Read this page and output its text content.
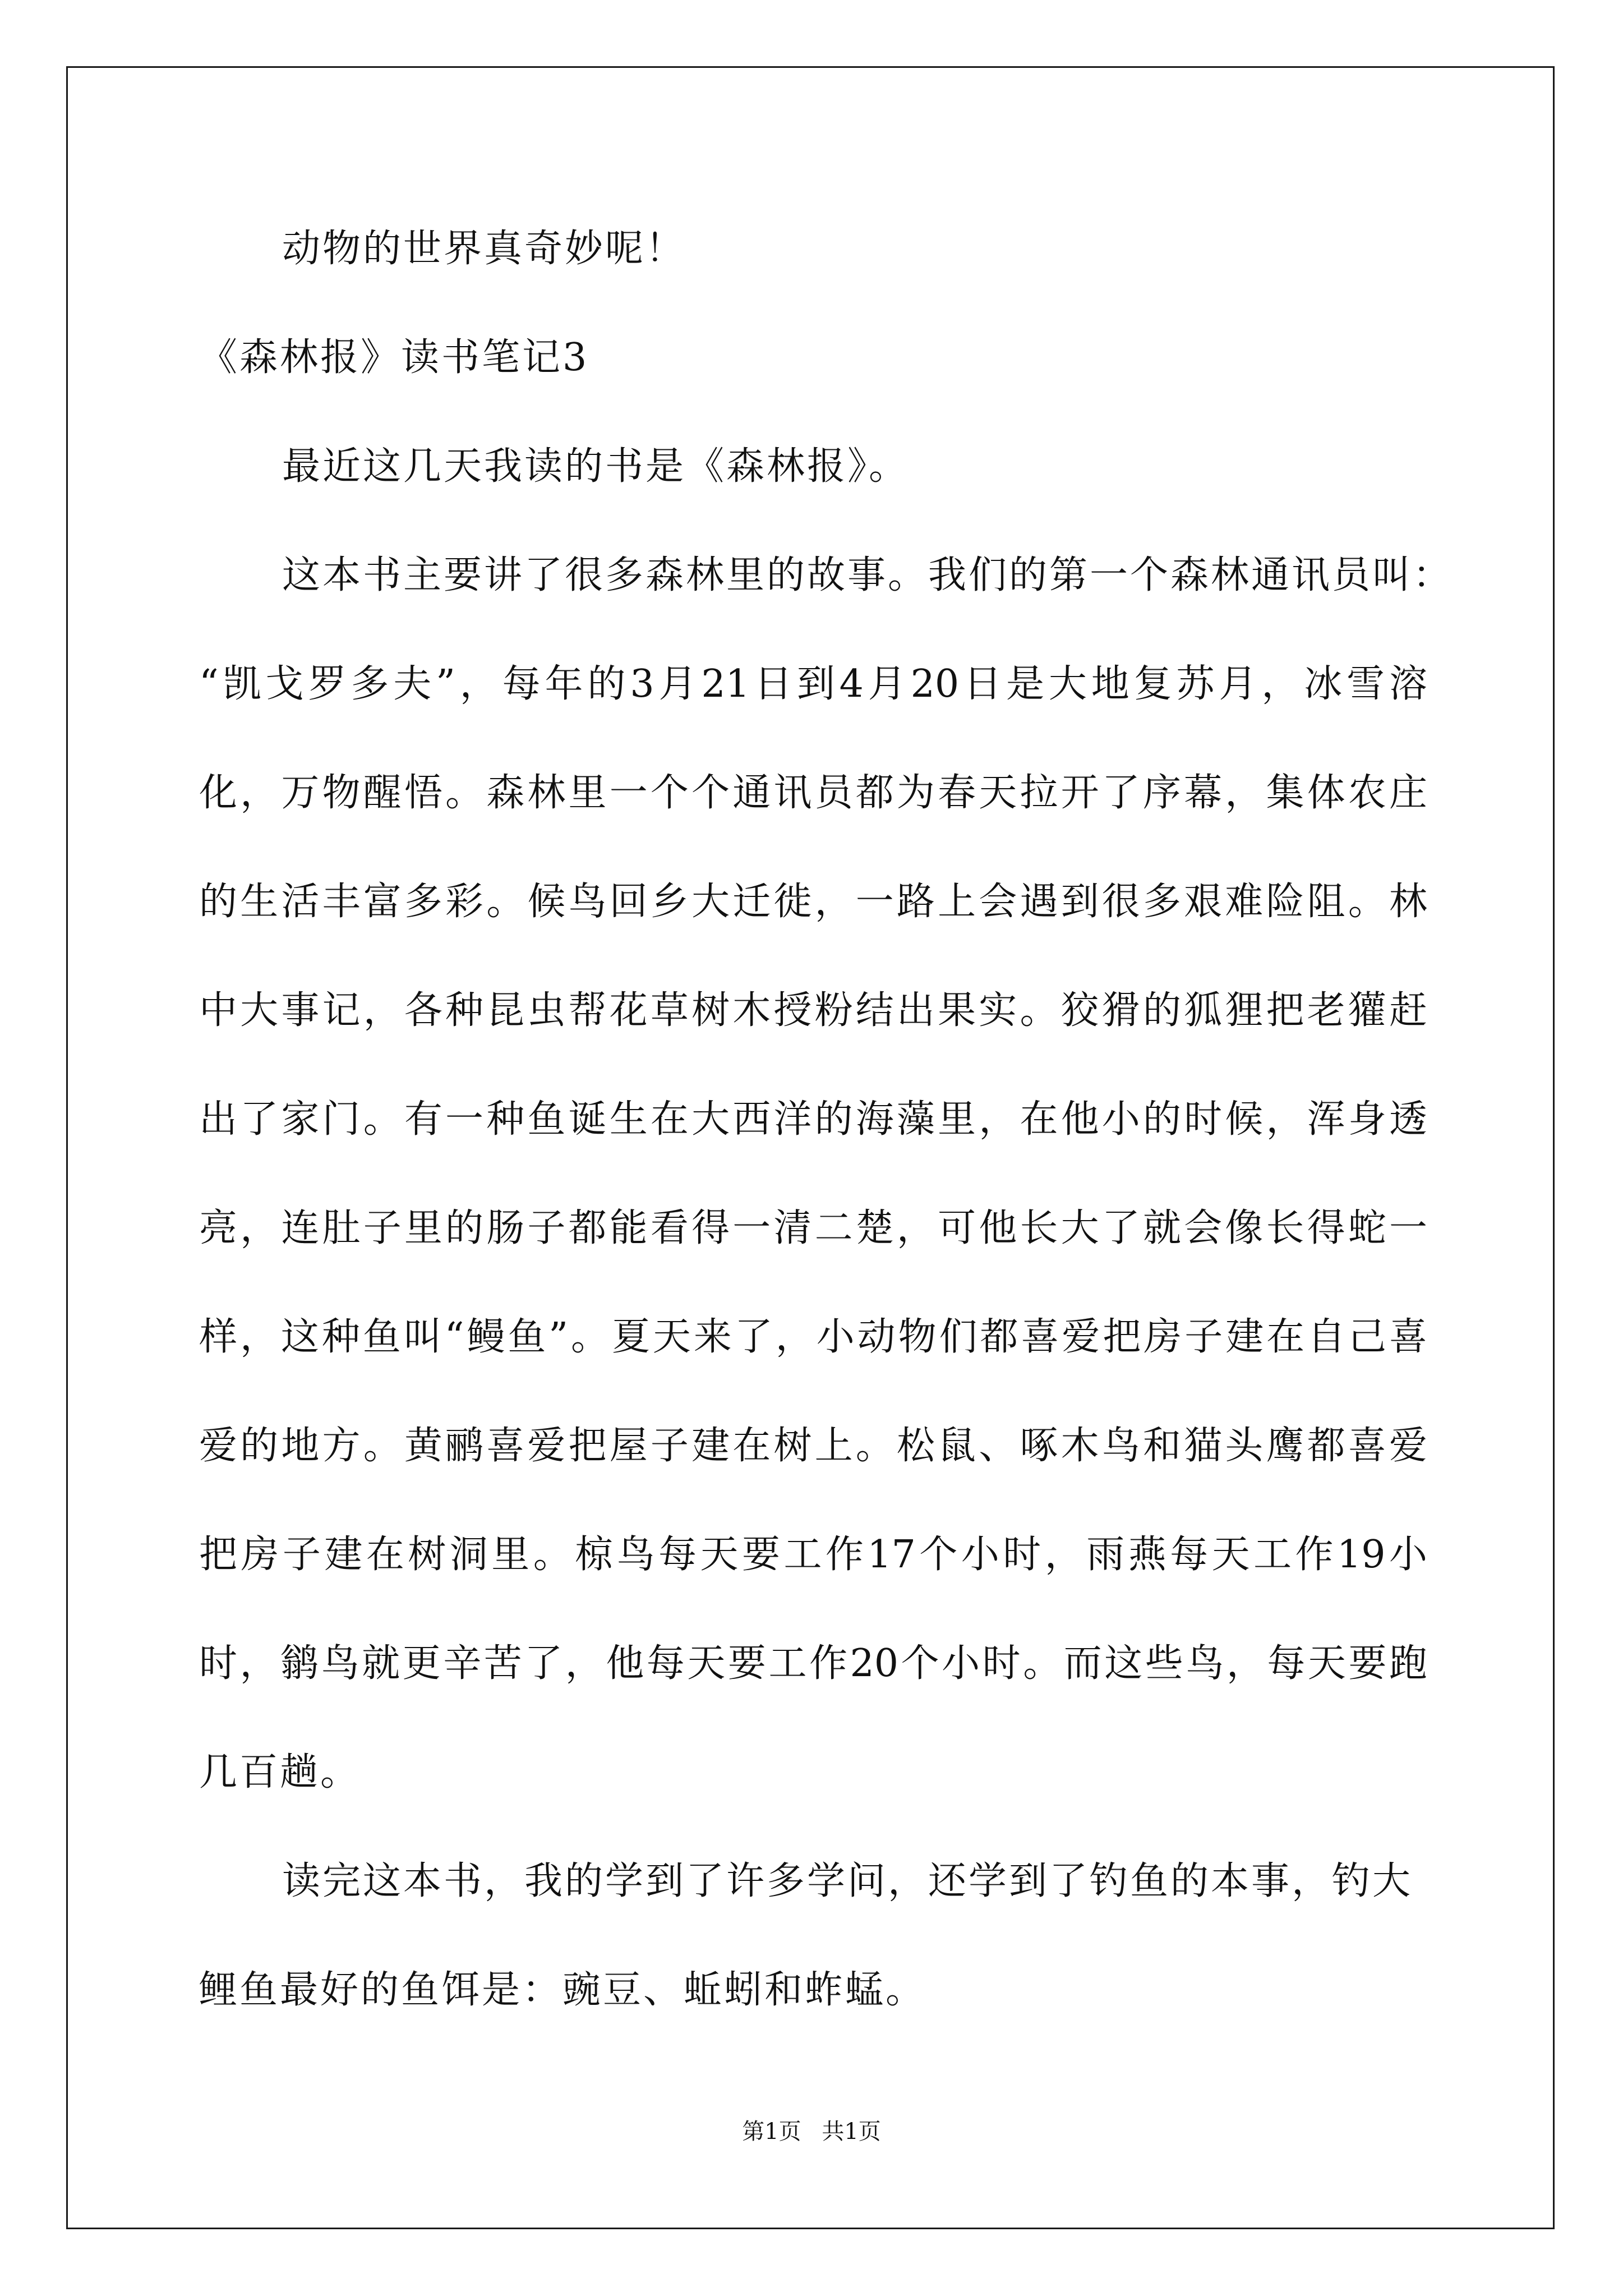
动物的世界真奇妙呢！
《森林报》读书笔记3
最近这几天我读的书是《森林报》。
这本书主要讲了很多森林里的故事。我们的第一个森林通讯员叫：
“凯戈罗多夫”，每年的3月21日到4月20日是大地复苏月，冰雪溶
化，万物醒悟。森林里一个个通讯员都为春天拉开了序幕，集体农庄
的生活丰富多彩。候鸟回乡大迁徙，一路上会遇到很多艰难险阻。林
中大事记，各种昆虫帮花草树木授粉结出果实。狡猾的狐狸把老獾赶
出了家门。有一种鱼诞生在大西洋的海藻里，在他小的时候，浑身透
亮，连肚子里的肠子都能看得一清二楚，可他长大了就会像长得蛇一
样，这种鱼叫“鳗鱼”。夏天来了，小动物们都喜爱把房子建在自己喜
爱的地方。黄鹂喜爱把屋子建在树上。松鼠、啄木鸟和猫头鹰都喜爱
把房子建在树洞里。椋鸟每天要工作17个小时，雨燕每天工作19小
时，鹟鸟就更辛苦了，他每天要工作20个小时。而这些鸟，每天要跑
几百趟。
读完这本书，我的学到了许多学问，还学到了钓鱼的本事，钓大
鲤鱼最好的鱼饵是：豌豆、蚯蚓和蚱蜢。
第1页 共1页
